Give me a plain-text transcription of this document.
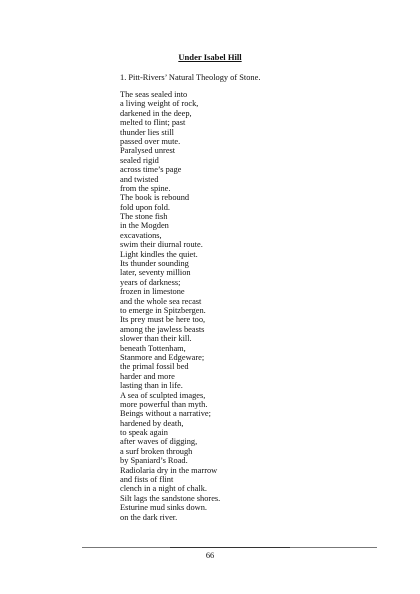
Under Isabel Hill
1. Pitt-Rivers’ Natural Theology of Stone.
The seas sealed into
a living weight of rock,
darkened in the deep,
melted to flint; past
thunder lies still
passed over mute.
Paralysed unrest
sealed rigid
across time’s page
and twisted
from the spine.
The book is rebound
fold upon fold.
The stone fish
in the Mogden
excavations,
swim their diurnal route.
Light kindles the quiet.
Its thunder sounding
later, seventy million
years of darkness;
frozen in limestone
and the whole sea recast
to emerge in Spitzbergen.
Its prey must be here too,
among the jawless beasts
slower than their kill.
beneath Tottenham,
Stanmore and Edgeware;
the primal fossil bed
harder and more
lasting than in life.
A sea of sculpted images,
more powerful than myth.
Beings without a narrative;
hardened by death,
to speak again
after waves of digging,
a surf broken through
by Spaniard’s Road.
Radiolaria dry in the marrow
and fists of flint
clench in a night of chalk.
Silt lags the sandstone shores.
Esturine mud sinks down.
on the dark river.
66
